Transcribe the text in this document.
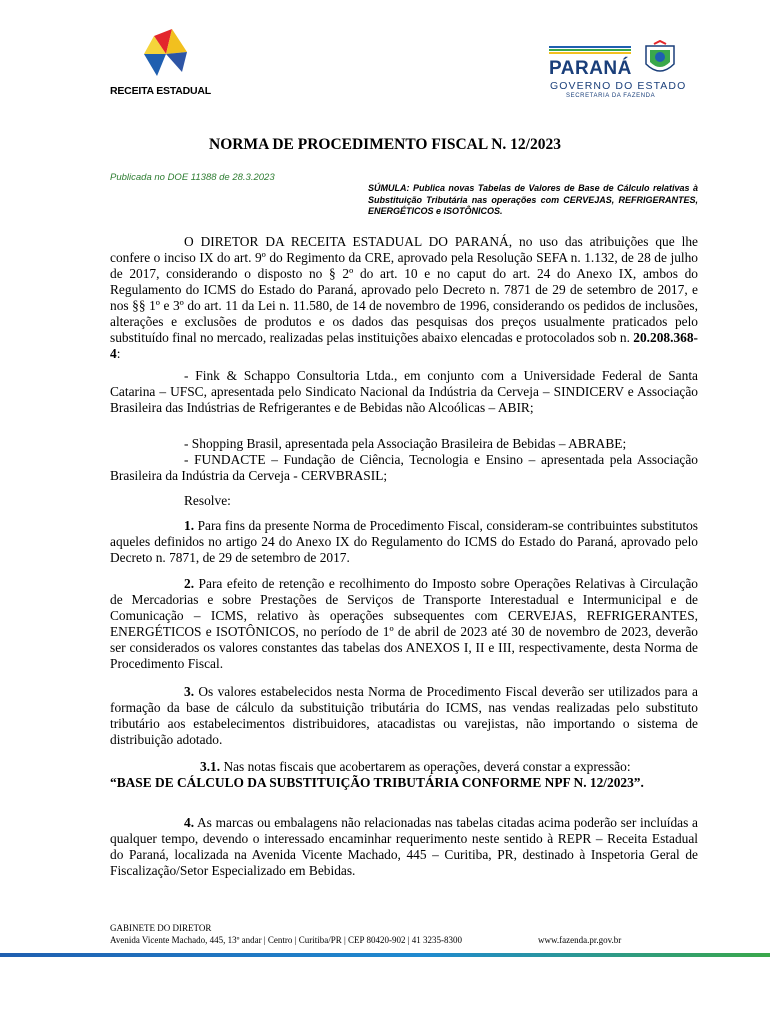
RECEITA ESTADUAL
PARANÁ
GOVERNO DO ESTADO
SECRETARIA DA FAZENDA
NORMA DE PROCEDIMENTO FISCAL N. 12/2023
Publicada no DOE 11388 de 28.3.2023
SÚMULA: Publica novas Tabelas de Valores de Base de Cálculo relativas à Substituição Tributária nas operações com CERVEJAS, REFRIGERANTES, ENERGÉTICOS e ISOTÔNICOS.

O DIRETOR DA RECEITA ESTADUAL DO PARANÁ, no uso das atribuições que lhe confere o inciso IX do art. 9º do Regimento da CRE, aprovado pela Resolução SEFA n. 1.132, de 28 de julho de 2017, considerando o disposto no § 2º do art. 10 e no caput do art. 24 do Anexo IX, ambos do Regulamento do ICMS do Estado do Paraná, aprovado pelo Decreto n. 7871 de 29 de setembro de 2017, e nos §§ 1º e 3º do art. 11 da Lei n. 11.580, de 14 de novembro de 1996, considerando os pedidos de inclusões, alterações e exclusões de produtos e os dados das pesquisas dos preços usualmente praticados pelo substituído final no mercado, realizadas pelas instituições abaixo elencadas e protocolados sob n. 20.208.368-4:

- Fink & Schappo Consultoria Ltda., em conjunto com a Universidade Federal de Santa Catarina – UFSC, apresentada pelo Sindicato Nacional da Indústria da Cerveja – SINDICERV e Associação Brasileira das Indústrias de Refrigerantes e de Bebidas não Alcoólicas – ABIR;

- Shopping Brasil, apresentada pela Associação Brasileira de Bebidas – ABRABE;

- FUNDACTE – Fundação de Ciência, Tecnologia e Ensino – apresentada pela Associação Brasileira da Indústria da Cerveja - CERVBRASIL;

Resolve:

1. Para fins da presente Norma de Procedimento Fiscal, consideram-se contribuintes substitutos aqueles definidos no artigo 24 do Anexo IX do Regulamento do ICMS do Estado do Paraná, aprovado pelo Decreto n. 7871, de 29 de setembro de 2017.

2. Para efeito de retenção e recolhimento do Imposto sobre Operações Relativas à Circulação de Mercadorias e sobre Prestações de Serviços de Transporte Interestadual e Intermunicipal e de Comunicação – ICMS, relativo às operações subsequentes com CERVEJAS, REFRIGERANTES, ENERGÉTICOS e ISOTÔNICOS, no período de 1º de abril de 2023 até 30 de novembro de 2023, deverão ser considerados os valores constantes das tabelas dos ANEXOS I, II e III, respectivamente, desta Norma de Procedimento Fiscal.

3. Os valores estabelecidos nesta Norma de Procedimento Fiscal deverão ser utilizados para a formação da base de cálculo da substituição tributária do ICMS, nas vendas realizadas pelo substituto tributário aos estabelecimentos distribuidores, atacadistas ou varejistas, não importando o sistema de distribuição adotado.

3.1. Nas notas fiscais que acobertarem as operações, deverá constar a expressão:

“BASE DE CÁLCULO DA SUBSTITUIÇÃO TRIBUTÁRIA CONFORME NPF N. 12/2023”.

4. As marcas ou embalagens não relacionadas nas tabelas citadas acima poderão ser incluídas a qualquer tempo, devendo o interessado encaminhar requerimento neste sentido à REPR – Receita Estadual do Paraná, localizada na Avenida Vicente Machado, 445 – Curitiba, PR, destinado à Inspetoria Geral de Fiscalização/Setor Especializado em Bebidas.

GABINETE DO DIRETOR
Avenida Vicente Machado, 445, 13º andar | Centro | Curitiba/PR | CEP 80420-902 | 41 3235-8300	www.fazenda.pr.gov.br
